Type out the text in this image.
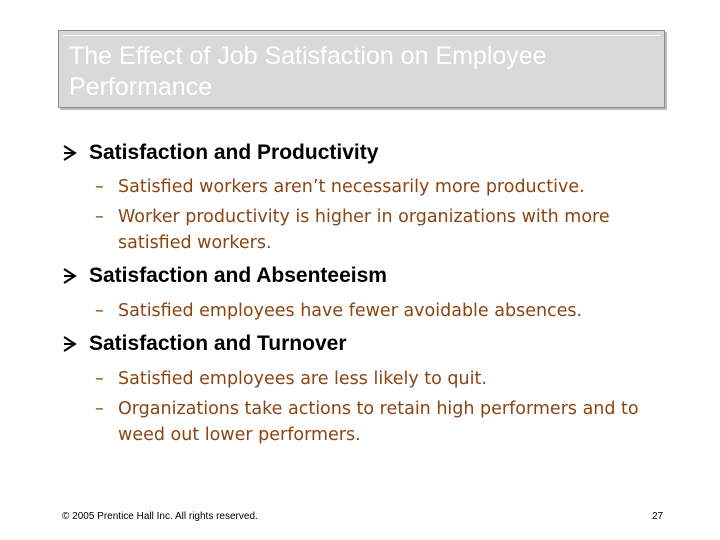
The Effect of Job Satisfaction on Employee Performance
Satisfaction and Productivity
– Satisfied workers aren’t necessarily more productive.
– Worker productivity is higher in organizations with more satisfied workers.
Satisfaction and Absenteeism
– Satisfied employees have fewer avoidable absences.
Satisfaction and Turnover
– Satisfied employees are less likely to quit.
– Organizations take actions to retain high performers and to weed out lower performers.
© 2005 Prentice Hall Inc. All rights reserved.	27
